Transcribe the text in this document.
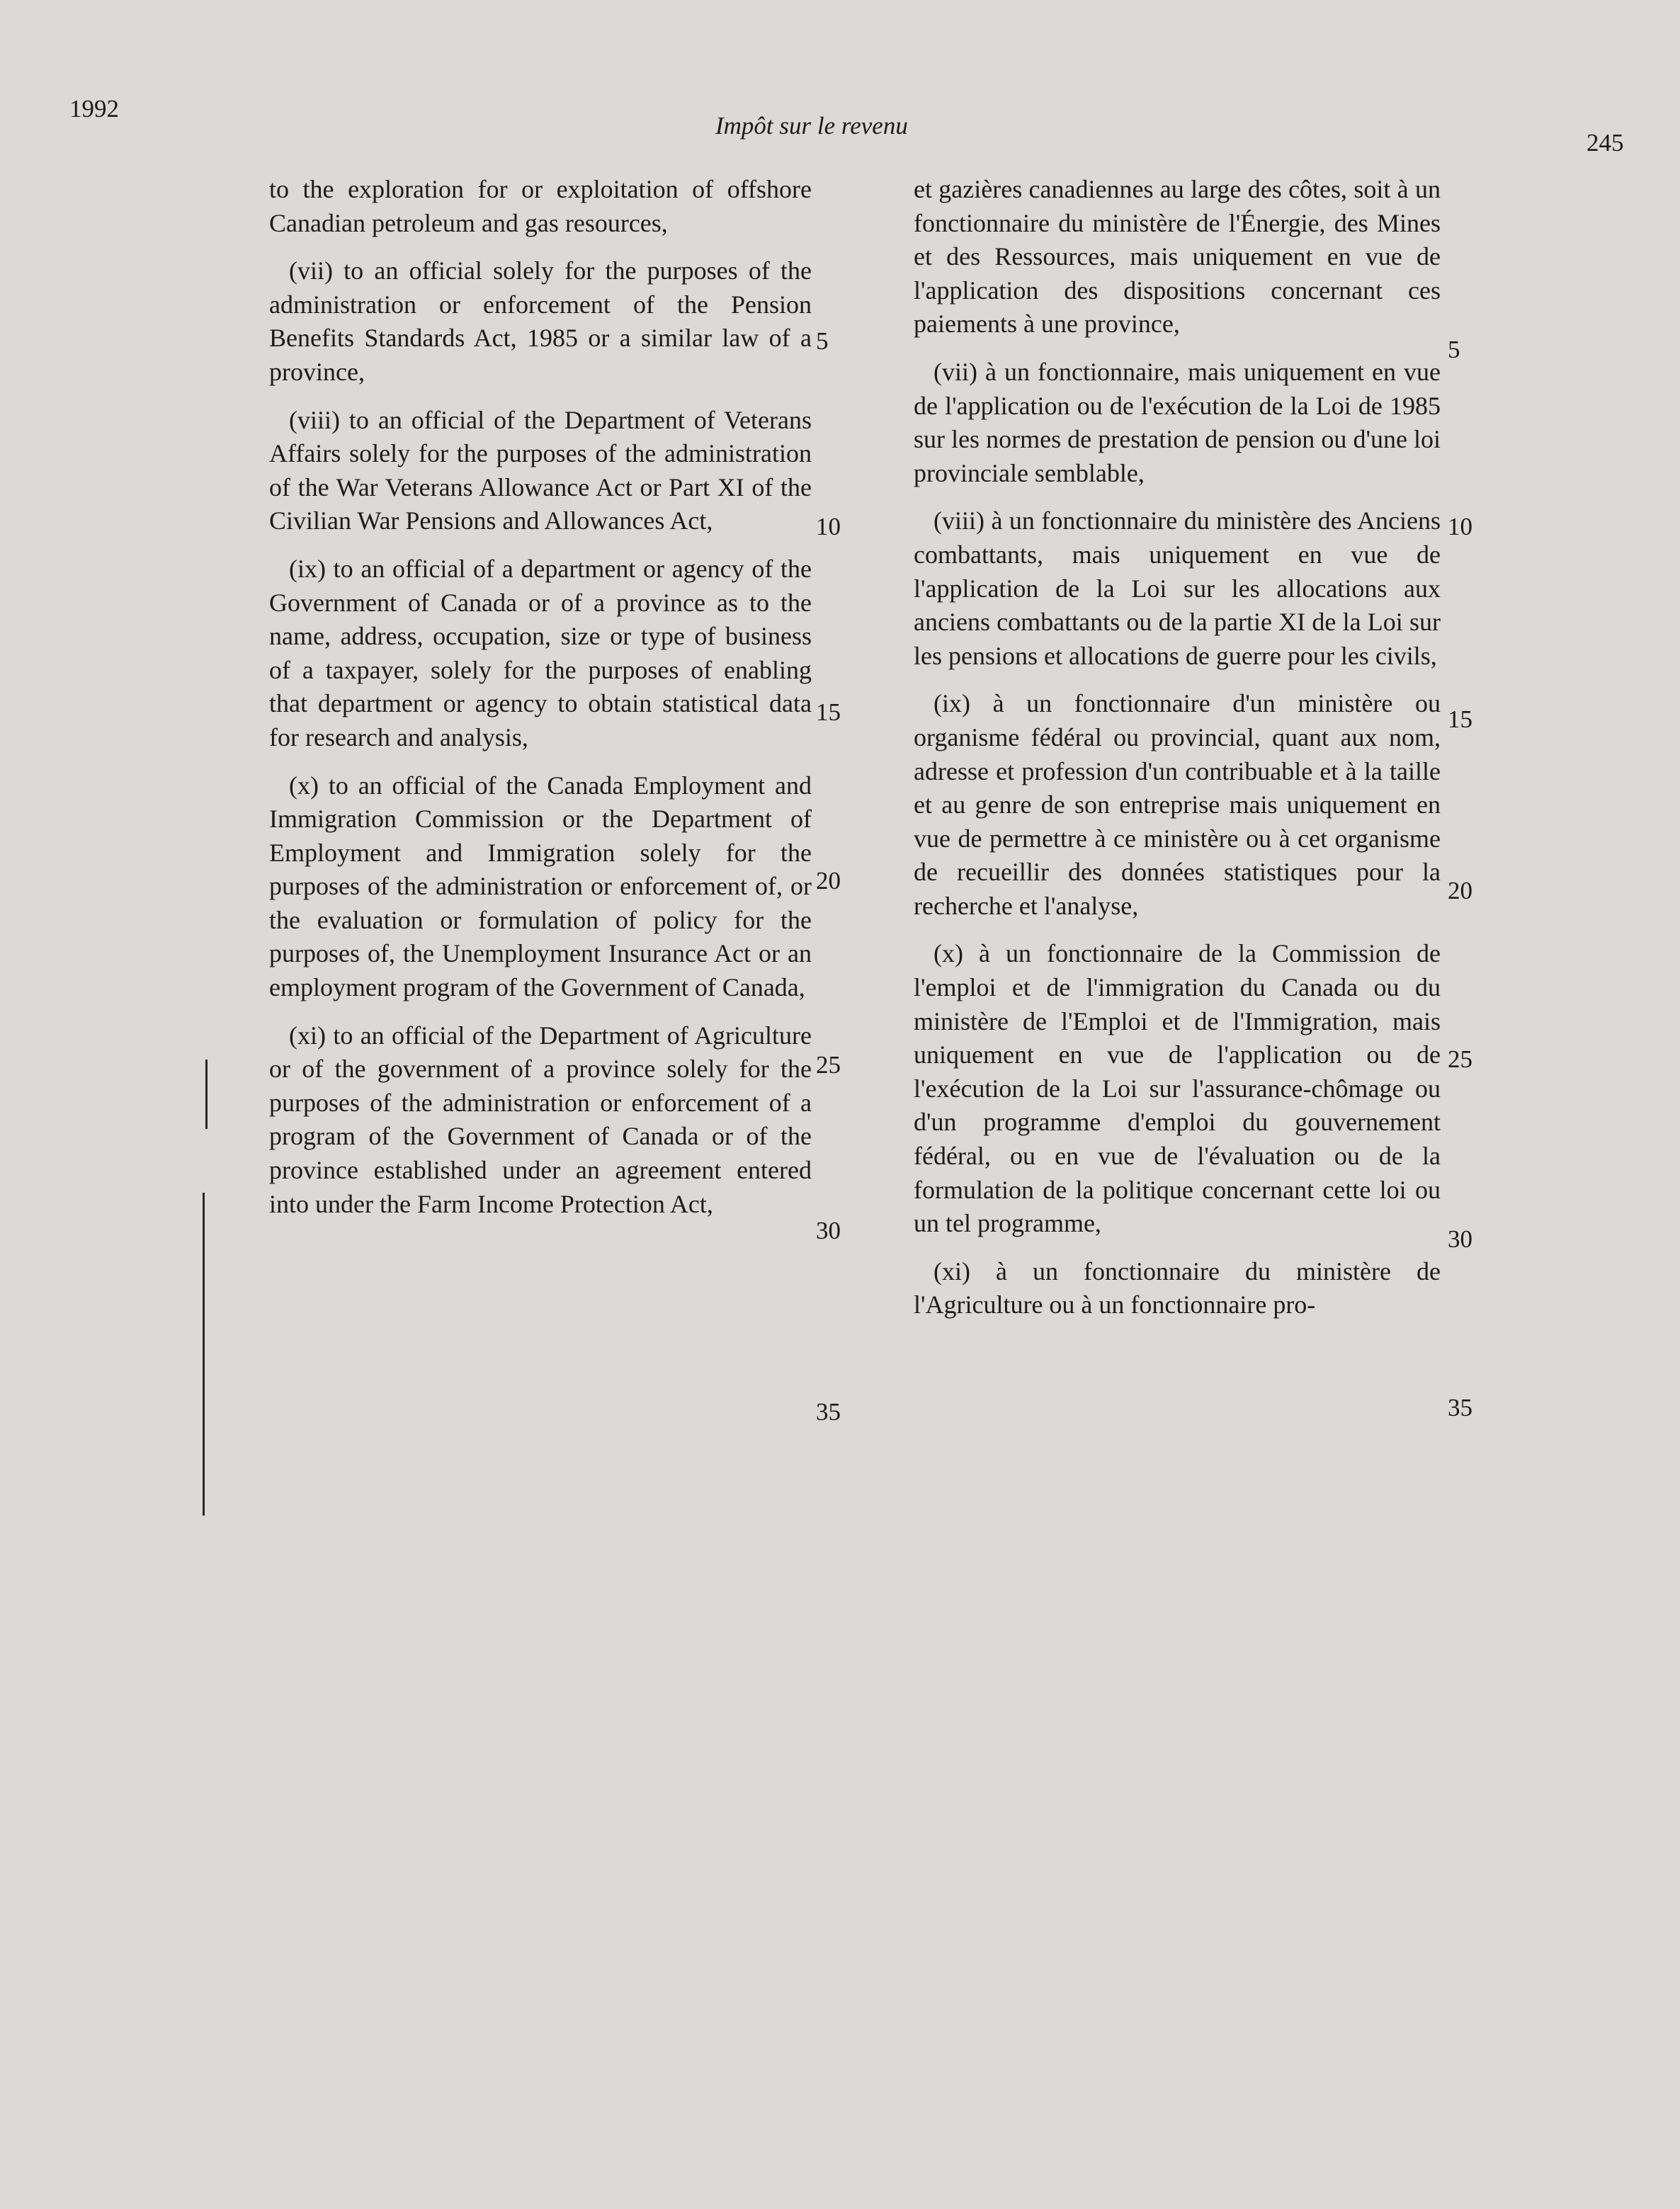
1992
Impôt sur le revenu
245

to the exploration for or exploitation of offshore Canadian petroleum and gas resources,

(vii) to an official solely for the purposes of the administration or enforcement of the Pension Benefits Standards Act, 1985 or a similar law of a province,

(viii) to an official of the Department of Veterans Affairs solely for the purposes of the administration of the War Veterans Allowance Act or Part XI of the Civilian War Pensions and Allowances Act,

(ix) to an official of a department or agency of the Government of Canada or of a province as to the name, address, occupation, size or type of business of a taxpayer, solely for the purposes of enabling that department or agency to obtain statistical data for research and analysis,

(x) to an official of the Canada Employment and Immigration Commission or the Department of Employment and Immigration solely for the purposes of the administration or enforcement of, or the evaluation or formulation of policy for the purposes of, the Unemployment Insurance Act or an employment program of the Government of Canada,

(xi) to an official of the Department of Agriculture or of the government of a province solely for the purposes of the administration or enforcement of a program of the Government of Canada or of the province established under an agreement entered into under the Farm Income Protection Act,

5
10
15
20
25
30
35

et gazières canadiennes au large des côtes, soit à un fonctionnaire du ministère de l'Énergie, des Mines et des Ressources, mais uniquement en vue de l'application des dispositions concernant ces paiements à une province,

(vii) à un fonctionnaire, mais uniquement en vue de l'application ou de l'exécution de la Loi de 1985 sur les normes de prestation de pension ou d'une loi provinciale semblable,

(viii) à un fonctionnaire du ministère des Anciens combattants, mais uniquement en vue de l'application de la Loi sur les allocations aux anciens combattants ou de la partie XI de la Loi sur les pensions et allocations de guerre pour les civils,

(ix) à un fonctionnaire d'un ministère ou organisme fédéral ou provincial, quant aux nom, adresse et profession d'un contribuable et à la taille et au genre de son entreprise mais uniquement en vue de permettre à ce ministère ou à cet organisme de recueillir des données statistiques pour la recherche et l'analyse,

(x) à un fonctionnaire de la Commission de l'emploi et de l'immigration du Canada ou du ministère de l'Emploi et de l'Immigration, mais uniquement en vue de l'application ou de l'exécution de la Loi sur l'assurance-chômage ou d'un programme d'emploi du gouvernement fédéral, ou en vue de l'évaluation ou de la formulation de la politique concernant cette loi ou un tel programme,

(xi) à un fonctionnaire du ministère de l'Agriculture ou à un fonctionnaire pro-

5
10
15
20
25
30
35
